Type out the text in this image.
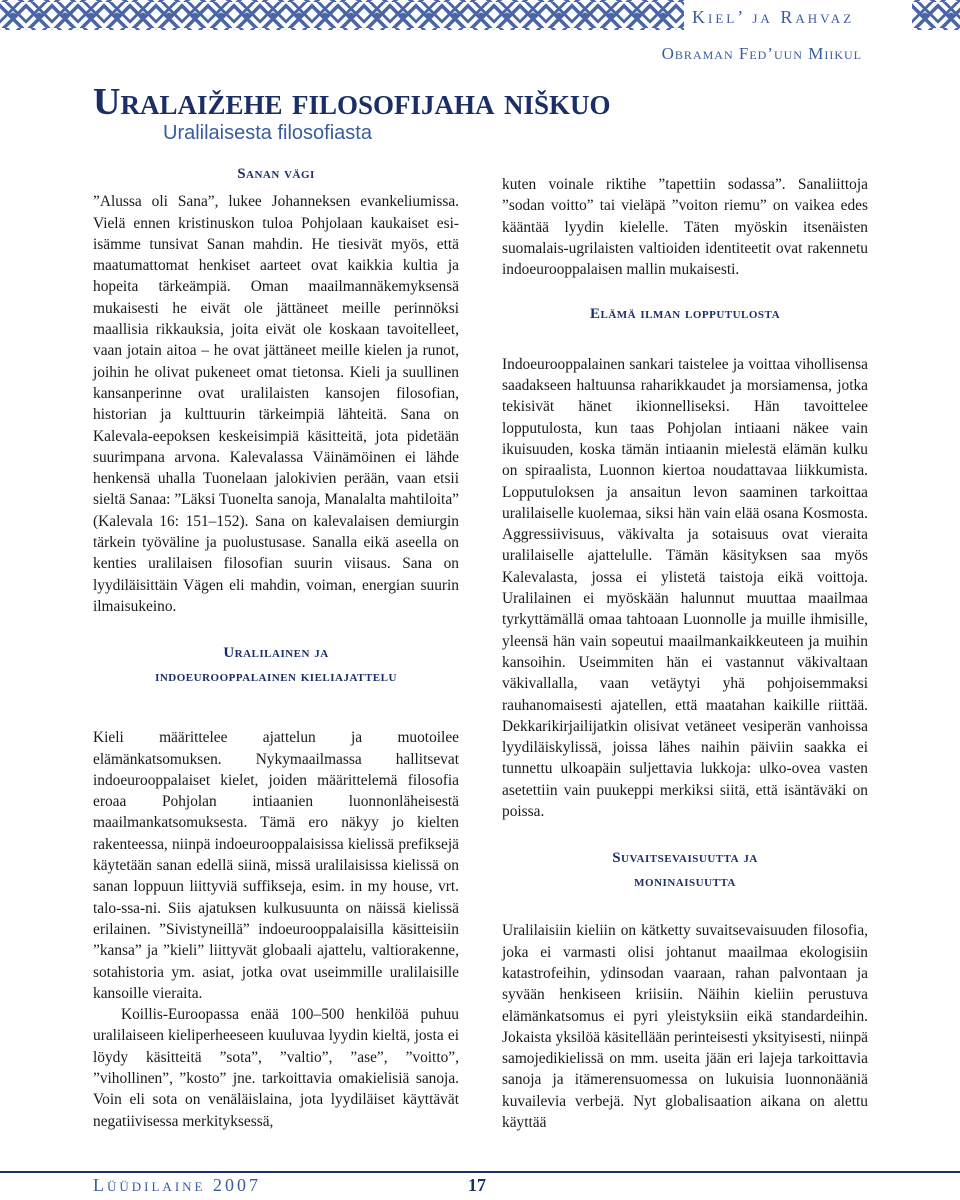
Kiel’ ja Rahvaz
Obraman Fed’uun Miikul
Uralaižehe filosofijaha niškuo
Uralilaisesta filosofiasta
Sanan vägi

”Alussa oli Sana”, lukee Johanneksen evankeliumissa. Vielä ennen kristinuskon tuloa Pohjolaan kaukaiset esi-isämme tunsivat Sanan mahdin. He tiesivät myös, että maatumattomat henkiset aarteet ovat kaikkia kultia ja hopeita tärkeämpiä. Oman maailmannäkemyksensä mukaisesti he eivät ole jättäneet meille perinnöksi maallisia rikkauksia, joita eivät ole koskaan tavoitelleet, vaan jotain aitoa – he ovat jättäneet meille kielen ja runot, joihin he olivat pukeneet omat tietonsa. Kieli ja suullinen kansanperinne ovat uralilaisten kansojen filosofian, historian ja kulttuurin tärkeimpiä lähteitä. Sana on Kalevala-eepoksen keskeisimpiä käsitteitä, jota pidetään suurimpana arvona. Kalevalassa Väinämöinen ei lähde henkensä uhalla Tuonelaan jalokivien perään, vaan etsii sieltä Sanaa: ”Läksi Tuonelta sanoja, Manalalta mahtiloita” (Kalevala 16: 151–152). Sana on kalevalaisen demiurgin tärkein työväline ja puolustusase. Sanalla eikä aseella on kenties uralilaisen filosofian suurin viisaus. Sana on lyydiläisittäin Vägen eli mahdin, voiman, energian suurin ilmaisukeino.

Uralilainen ja
indoeurooppalainen kieliajattelu

Kieli määrittelee ajattelun ja muotoilee elämänkatsomuksen. Nykymaailmassa hallitsevat indoeurooppalaiset kielet, joiden määrittelemä filosofia eroaa Pohjolan intiaanien luonnonläheisestä maailmankatsomuksesta. Tämä ero näkyy jo kielten rakenteessa, niinpä indoeurooppalaisissa kielissä prefiksejä käytetään sanan edellä siinä, missä uralilaisissa kielissä on sanan loppuun liittyviä suffikseja, esim. in my house, vrt. talo-ssa-ni. Siis ajatuksen kulkusuunta on näissä kielissä erilainen. ”Sivistyneillä” indoeurooppalaisilla käsitteisiin ”kansa” ja ”kieli” liittyvät globaali ajattelu, valtiorakenne, sotahistoria ym. asiat, jotka ovat useimmille uralilaisille kansoille vieraita.

Koillis-Euroopassa enää 100–500 henkilöä puhuu uralilaiseen kieliperheeseen kuuluvaa lyydin kieltä, josta ei löydy käsitteitä ”sota”, ”valtio”, ”ase”, ”voitto”, ”vihollinen”, ”kosto” jne. tarkoittavia omakielisiä sanoja. Voin eli sota on venäläislaina, jota lyydiläiset käyttävät negatiivisessa merkityksessä,

kuten voinale riktihe ”tapettiin sodassa”. Sanaliittoja ”sodan voitto” tai vieläpä ”voiton riemu” on vaikea edes kääntää lyydin kielelle. Täten myöskin itsenäisten suomalais-ugrilaisten valtioiden identiteetit ovat rakennetu indoeurooppalaisen mallin mukaisesti.

Elämä ilman lopputulosta

Indoeurooppalainen sankari taistelee ja voittaa vihollisensa saadakseen haltuunsa raharikkaudet ja morsiamensa, jotka tekisivät hänet ikionnelliseksi. Hän tavoittelee lopputulosta, kun taas Pohjolan intiaani näkee vain ikuisuuden, koska tämän intiaanin mielestä elämän kulku on spiraalista, Luonnon kiertoa noudattavaa liikkumista. Lopputuloksen ja ansaitun levon saaminen tarkoittaa uralilaiselle kuolemaa, siksi hän vain elää osana Kosmosta. Aggressiivisuus, väkivalta ja sotaisuus ovat vieraita uralilaiselle ajattelulle. Tämän käsityksen saa myös Kalevalasta, jossa ei ylistetä taistoja eikä voittoja. Uralilainen ei myöskään halunnut muuttaa maailmaa tyrkyttämällä omaa tahtoaan Luonnolle ja muille ihmisille, yleensä hän vain sopeutui maailmankaikkeuteen ja muihin kansoihin. Useimmiten hän ei vastannut väkivaltaan väkivallalla, vaan vetäytyi yhä pohjoisemmaksi rauhanomaisesti ajatellen, että maatahan kaikille riittää. Dekkarikirjailijatkin olisivat vetäneet vesiperän vanhoissa lyydiläiskylissä, joissa lähes naihin päiviin saakka ei tunnettu ulkoapäin suljettavia lukkoja: ulko-ovea vasten asetettiin vain puukeppi merkiksi siitä, että isäntäväki on poissa.

Suvaitsevaisuutta ja
moninaisuutta

Uralilaisiin kieliin on kätketty suvaitsevaisuuden filosofia, joka ei varmasti olisi johtanut maailmaa ekologisiin katastrofeihin, ydinsodan vaaraan, rahan palvontaan ja syvään henkiseen kriisiin. Näihin kieliin perustuva elämänkatsomus ei pyri yleistyksiin eikä standardeihin. Jokaista yksilöä käsitellään perinteisesti yksityisesti, niinpä samojedikielissä on mm. useita jään eri lajeja tarkoittavia sanoja ja itämerensuomessa on lukuisia luonnonääniä kuvailevia verbejä. Nyt globalisaation aikana on alettu käyttää

Lüüdilaine 2007	17
